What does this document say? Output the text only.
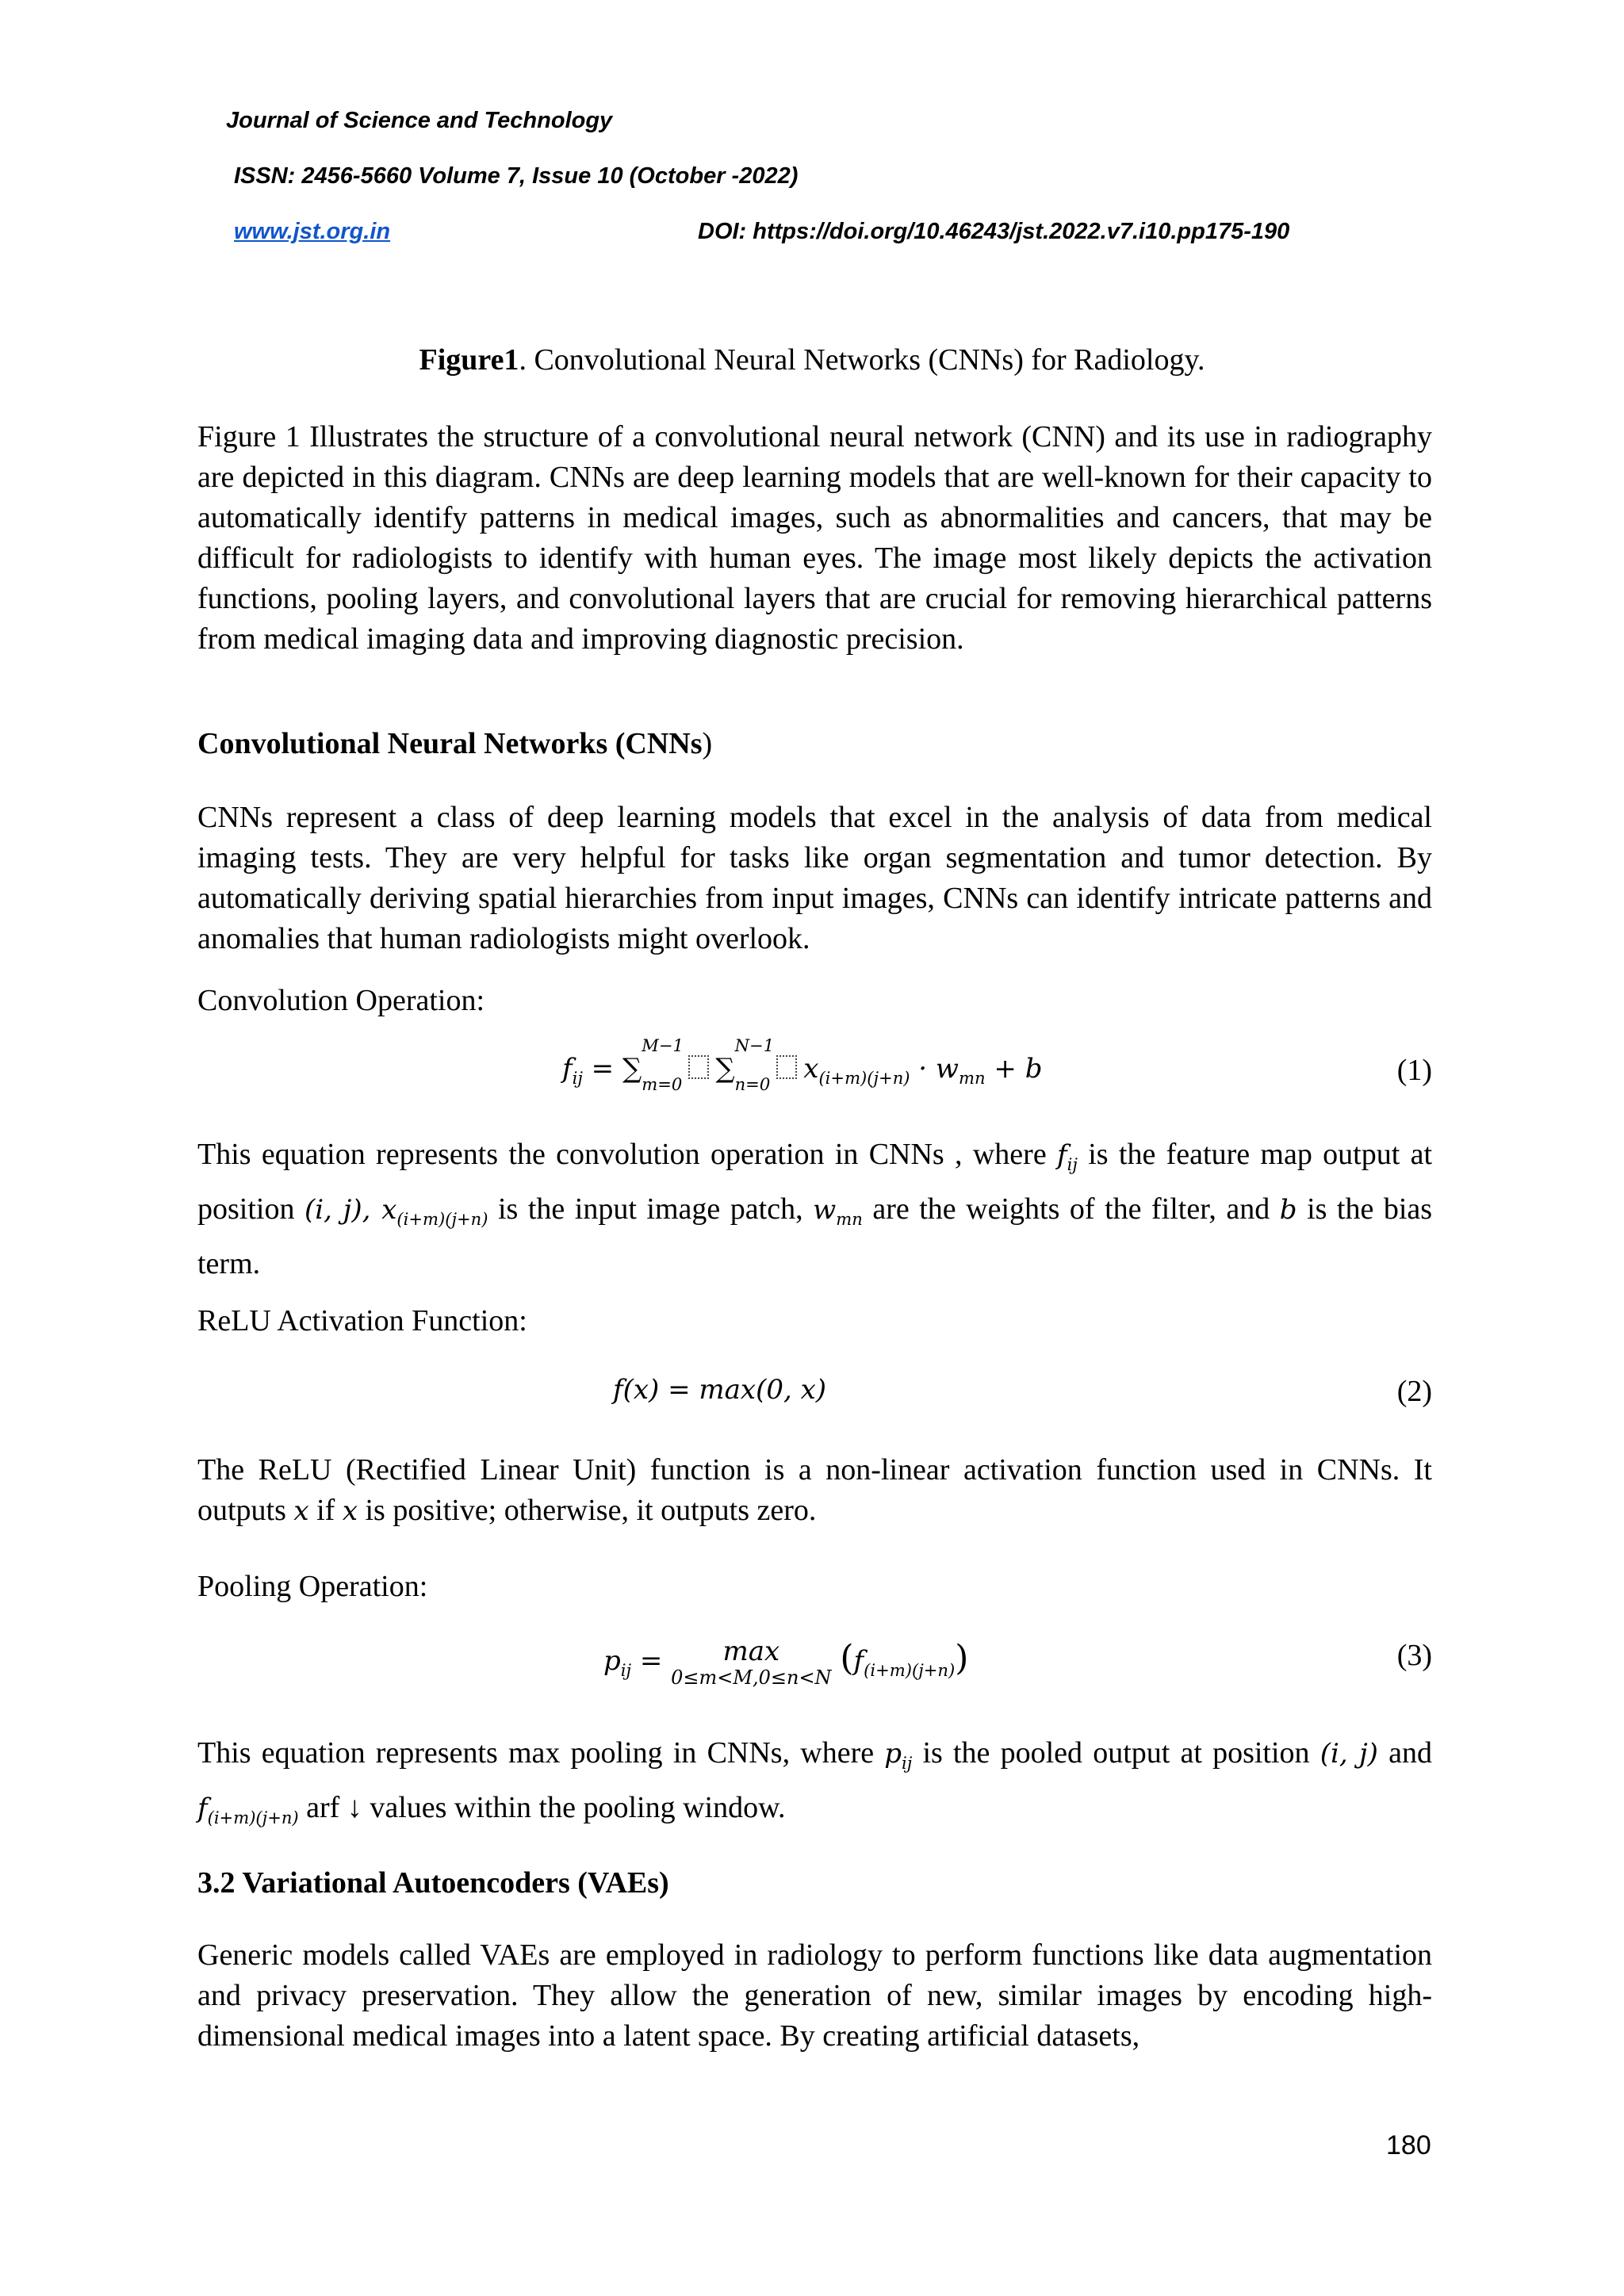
Journal of Science and Technology
ISSN: 2456-5660 Volume 7, Issue 10 (October -2022)
www.jst.org.in	DOI: https://doi.org/10.46243/jst.2022.v7.i10.pp175-190
Figure1. Convolutional Neural Networks (CNNs) for Radiology.
Figure 1 Illustrates the structure of a convolutional neural network (CNN) and its use in radiography are depicted in this diagram. CNNs are deep learning models that are well-known for their capacity to automatically identify patterns in medical images, such as abnormalities and cancers, that may be difficult for radiologists to identify with human eyes. The image most likely depicts the activation functions, pooling layers, and convolutional layers that are crucial for removing hierarchical patterns from medical imaging data and improving diagnostic precision.
Convolutional Neural Networks (CNNs)
CNNs represent a class of deep learning models that excel in the analysis of data from medical imaging tests. They are very helpful for tasks like organ segmentation and tumor detection. By automatically deriving spatial hierarchies from input images, CNNs can identify intricate patterns and anomalies that human radiologists might overlook.
Convolution Operation:
$f_{ij}$ = ∑
M−1
$_{m=0}$ ∑
N−1
$_{n=0}$ $x_{(i+m)(j+n)} \cdot w_{mn} + b$	(1)
This equation represents the convolution operation in CNNs , where $f_{ij}$ is the feature map output at position (i, j), $x_{(i+m)(j+n)}$ is the input image patch, $w_{mn}$ are the weights of the filter, and b is the bias term.
ReLU Activation Function:
f(x) = max(0, x)	(2)
The ReLU (Rectified Linear Unit) function is a non-linear activation function used in CNNs. It outputs x if x is positive; otherwise, it outputs zero.
Pooling Operation:
$p_{ij} = \max$
0≤m<M,0≤n<N $(f_{(i+m)(j+n)})$	(3)
This equation represents max pooling in CNNs, where $p_{ij}$ is the pooled output at position (i, j) and $f_{(i+m)(j+n)}$ arf ↓ values within the pooling window.
3.2 Variational Autoencoders (VAEs)
Generic models called VAEs are employed in radiology to perform functions like data augmentation and privacy preservation. They allow the generation of new, similar images by encoding high-dimensional medical images into a latent space. By creating artificial datasets,
180
